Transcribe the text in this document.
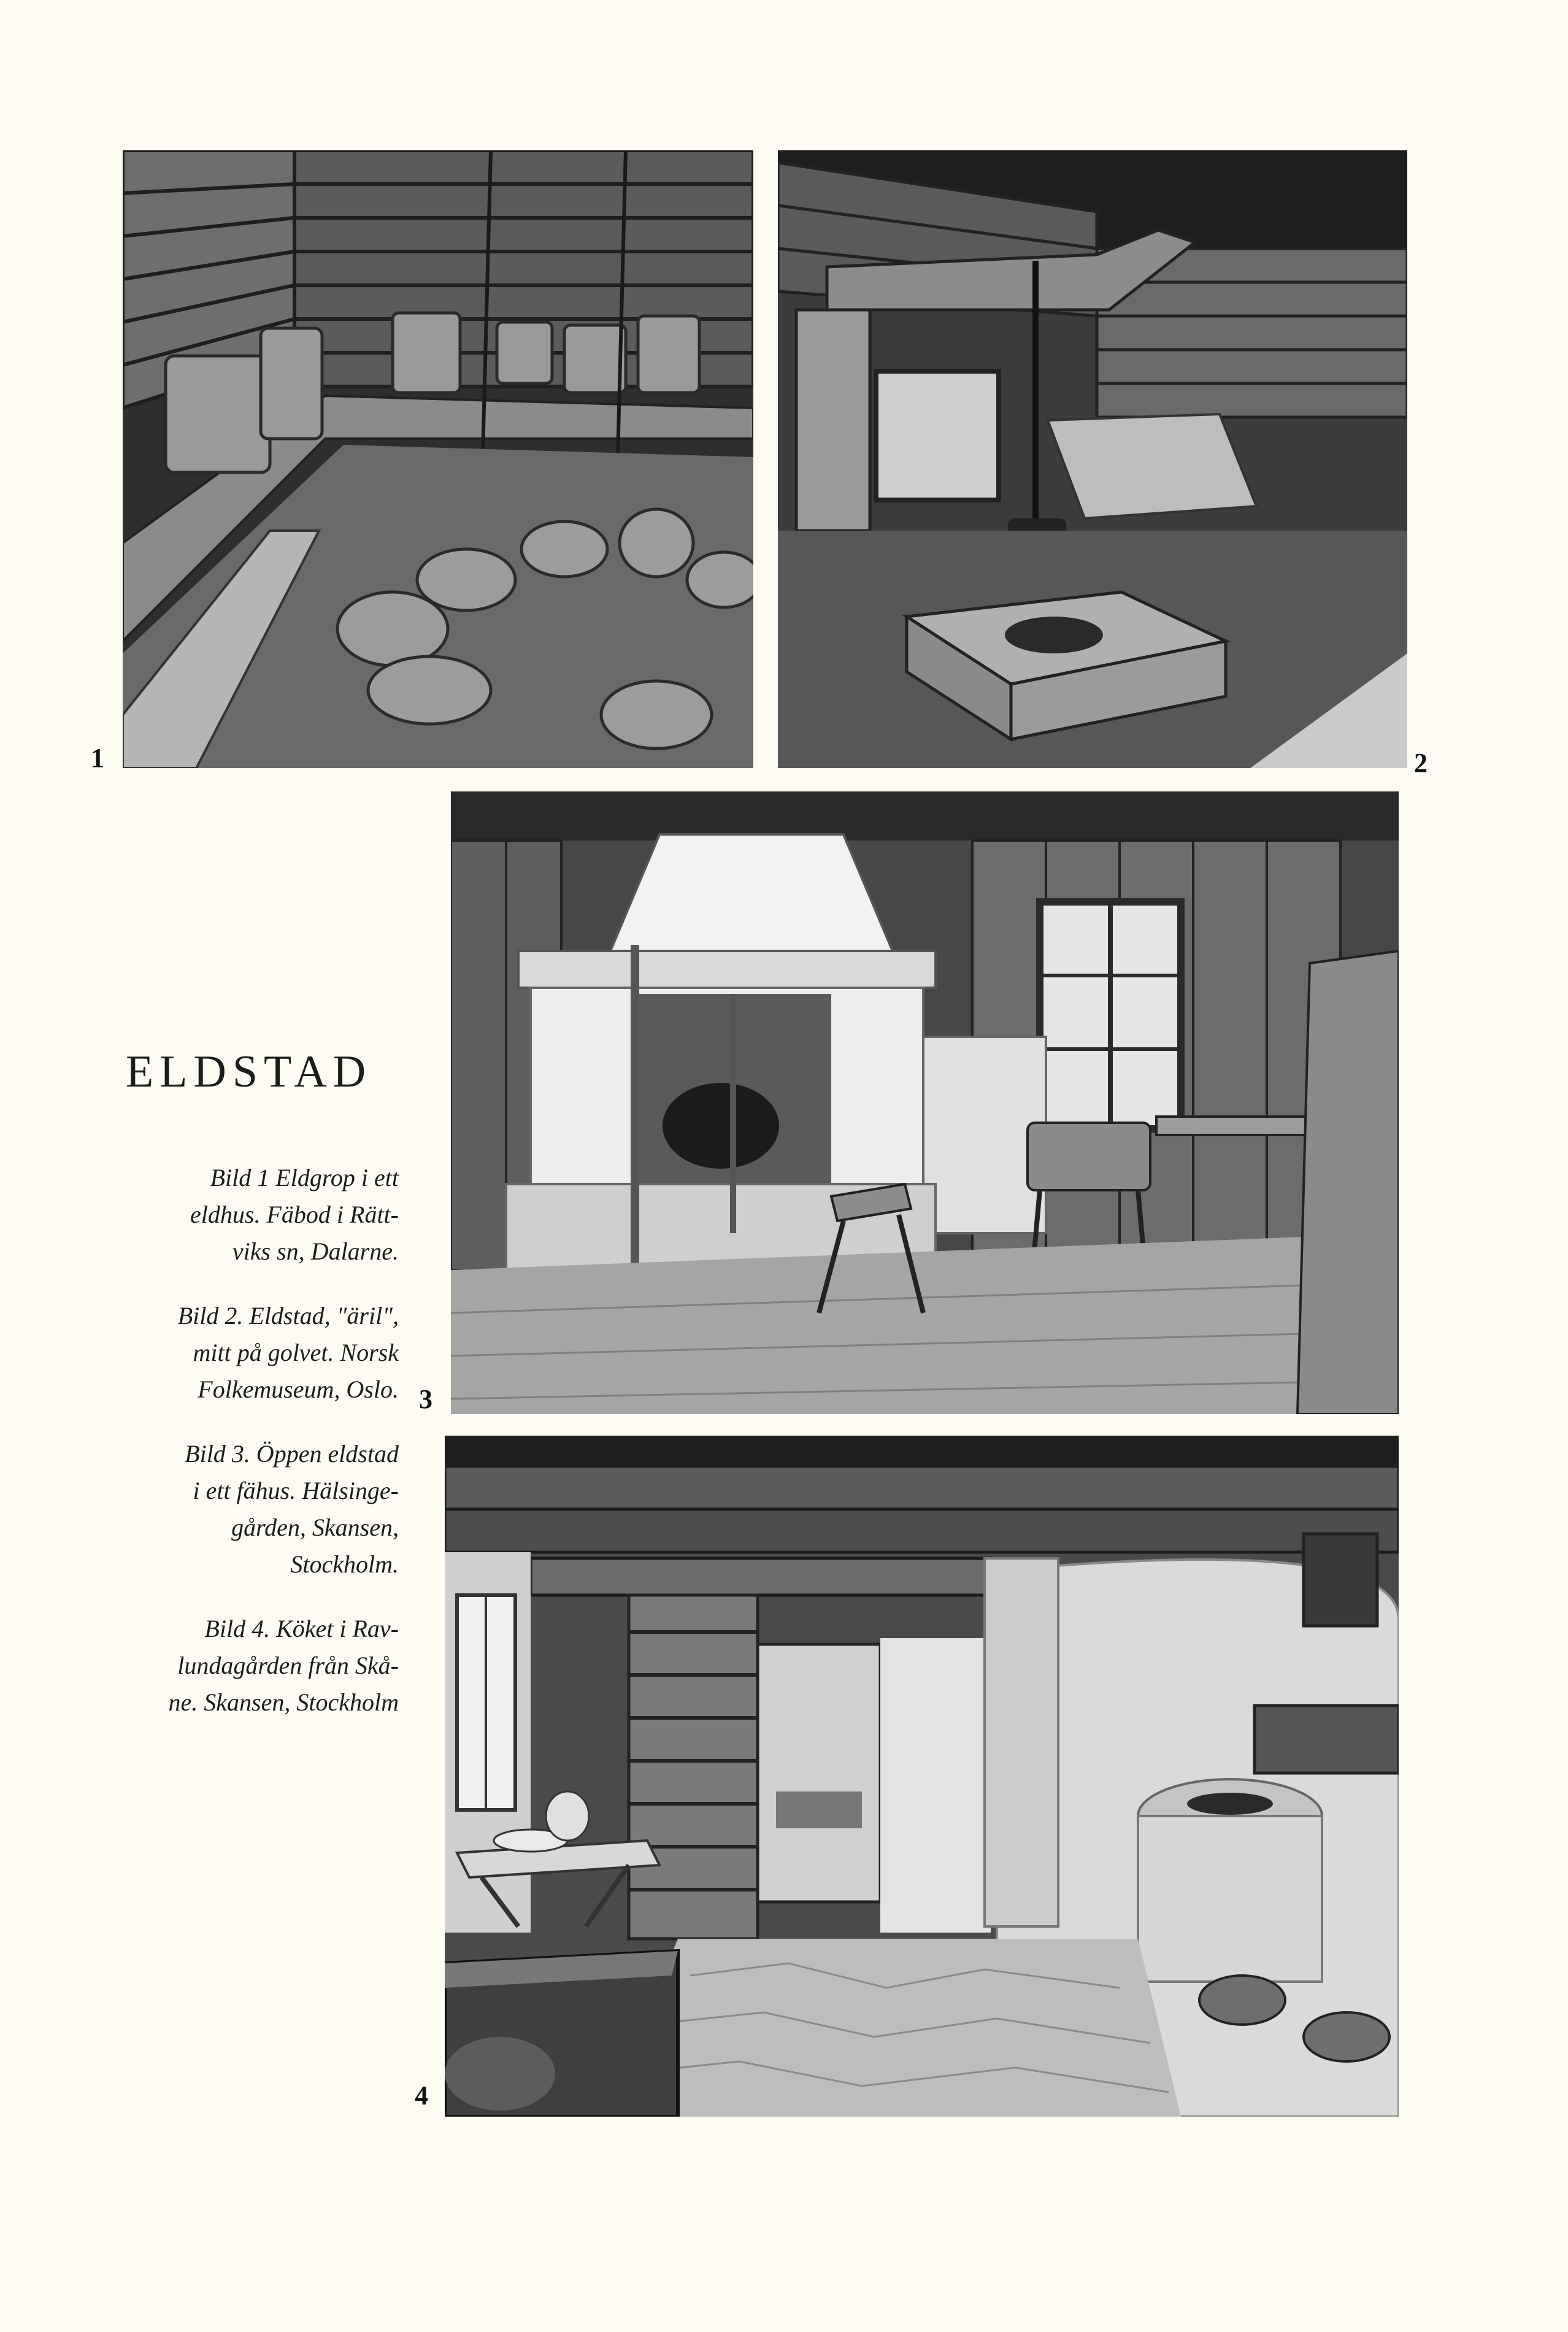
1	2
3
4
ELDSTAD
Bild 1 Eldgrop i ett
eldhus. Fäbod i Rätt-
viks sn, Dalarne.
Bild 2. Eldstad, "äril",
mitt på golvet. Norsk
Folkemuseum, Oslo.
Bild 3. Öppen eldstad
i ett fähus. Hälsinge-
gården, Skansen,
Stockholm.
Bild 4. Köket i Rav-
lundagården från Skå-
ne. Skansen, Stockholm
